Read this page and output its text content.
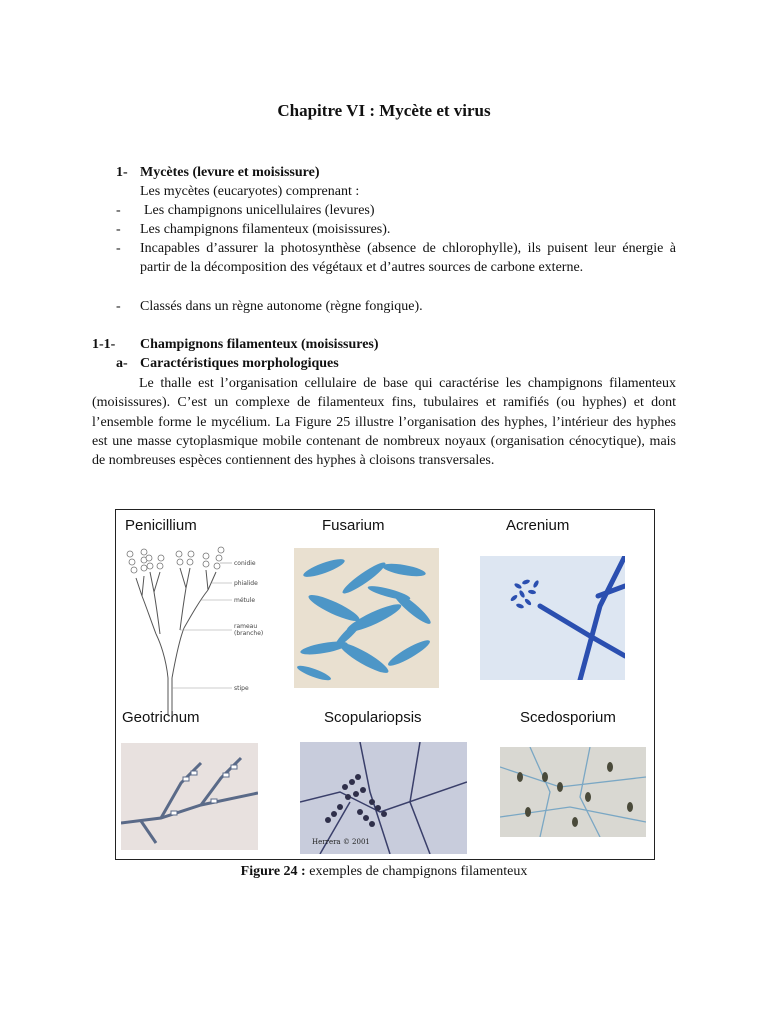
Chapitre VI : Mycète et virus
1- Mycètes (levure et moisissure)
Les mycètes (eucaryotes) comprenant :
- Les champignons unicellulaires (levures)
- Les champignons filamenteux (moisissures).
- Incapables d’assurer la photosynthèse (absence de chlorophylle), ils puisent leur énergie à partir de la décomposition des végétaux et d’autres sources de carbone externe.
- Classés dans un règne autonome (règne fongique).
1-1- Champignons filamenteux (moisissures)
a- Caractéristiques morphologiques
Le thalle est l’organisation cellulaire de base qui caractérise les champignons filamenteux (moisissures). C’est un complexe de filamenteux fins, tubulaires et ramifiés (ou hyphes) et dont l’ensemble forme le mycélium. La Figure 25 illustre l’organisation des hyphes, l’intérieur des hyphes est une masse cytoplasmique mobile contenant de nombreux noyaux (organisation cénocytique), mais de nombreuses espèces contiennent des hyphes à cloisons transversales.
Penicillium	Fusarium	Acrenium
Geotrichum	Scopulariopsis	Scedosporium
conidie
phialide
métule
rameau
(branche)
stipe
Herrera © 2001
Figure 24 : exemples de champignons filamenteux
